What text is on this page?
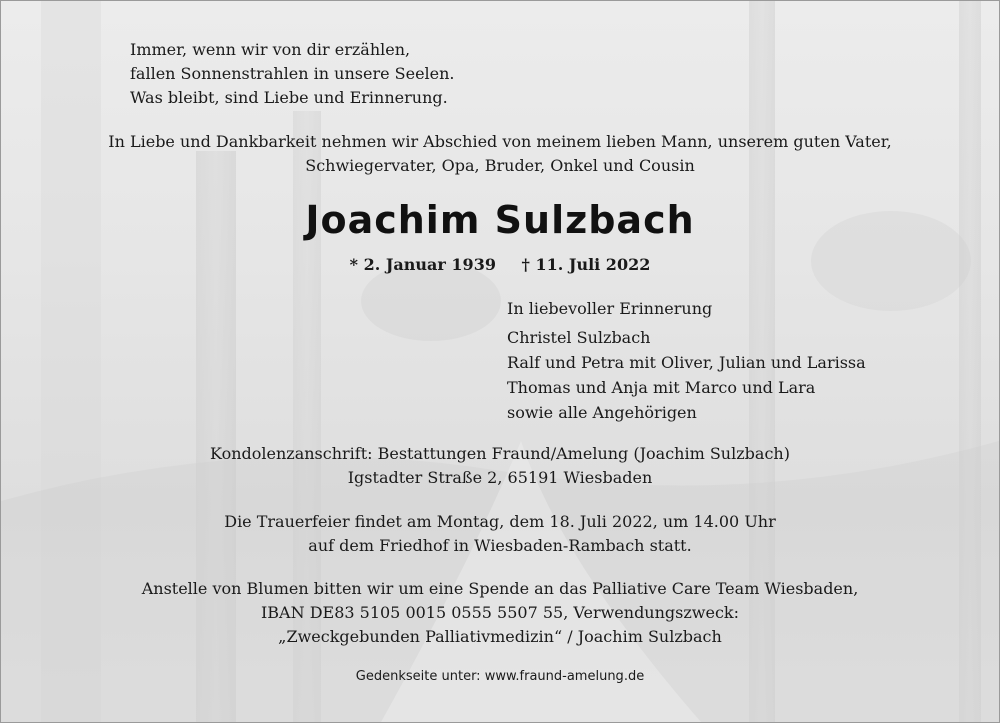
Immer, wenn wir von dir erzählen,
fallen Sonnenstrahlen in unsere Seelen.
Was bleibt, sind Liebe und Erinnerung.
In Liebe und Dankbarkeit nehmen wir Abschied von meinem lieben Mann, unserem guten Vater,
Schwiegervater, Opa, Bruder, Onkel und Cousin
Joachim Sulzbach
* 2. Januar 1939 † 11. Juli 2022
In liebevoller Erinnerung
Christel Sulzbach
Ralf und Petra mit Oliver, Julian und Larissa
Thomas und Anja mit Marco und Lara
sowie alle Angehörigen
Kondolenzanschrift: Bestattungen Fraund/Amelung (Joachim Sulzbach)
Igstadter Straße 2, 65191 Wiesbaden
Die Trauerfeier findet am Montag, dem 18. Juli 2022, um 14.00 Uhr
auf dem Friedhof in Wiesbaden-Rambach statt.
Anstelle von Blumen bitten wir um eine Spende an das Palliative Care Team Wiesbaden,
IBAN DE83 5105 0015 0555 5507 55, Verwendungszweck:
„Zweckgebunden Palliativmedizin“ / Joachim Sulzbach
Gedenkseite unter: www.fraund-amelung.de
